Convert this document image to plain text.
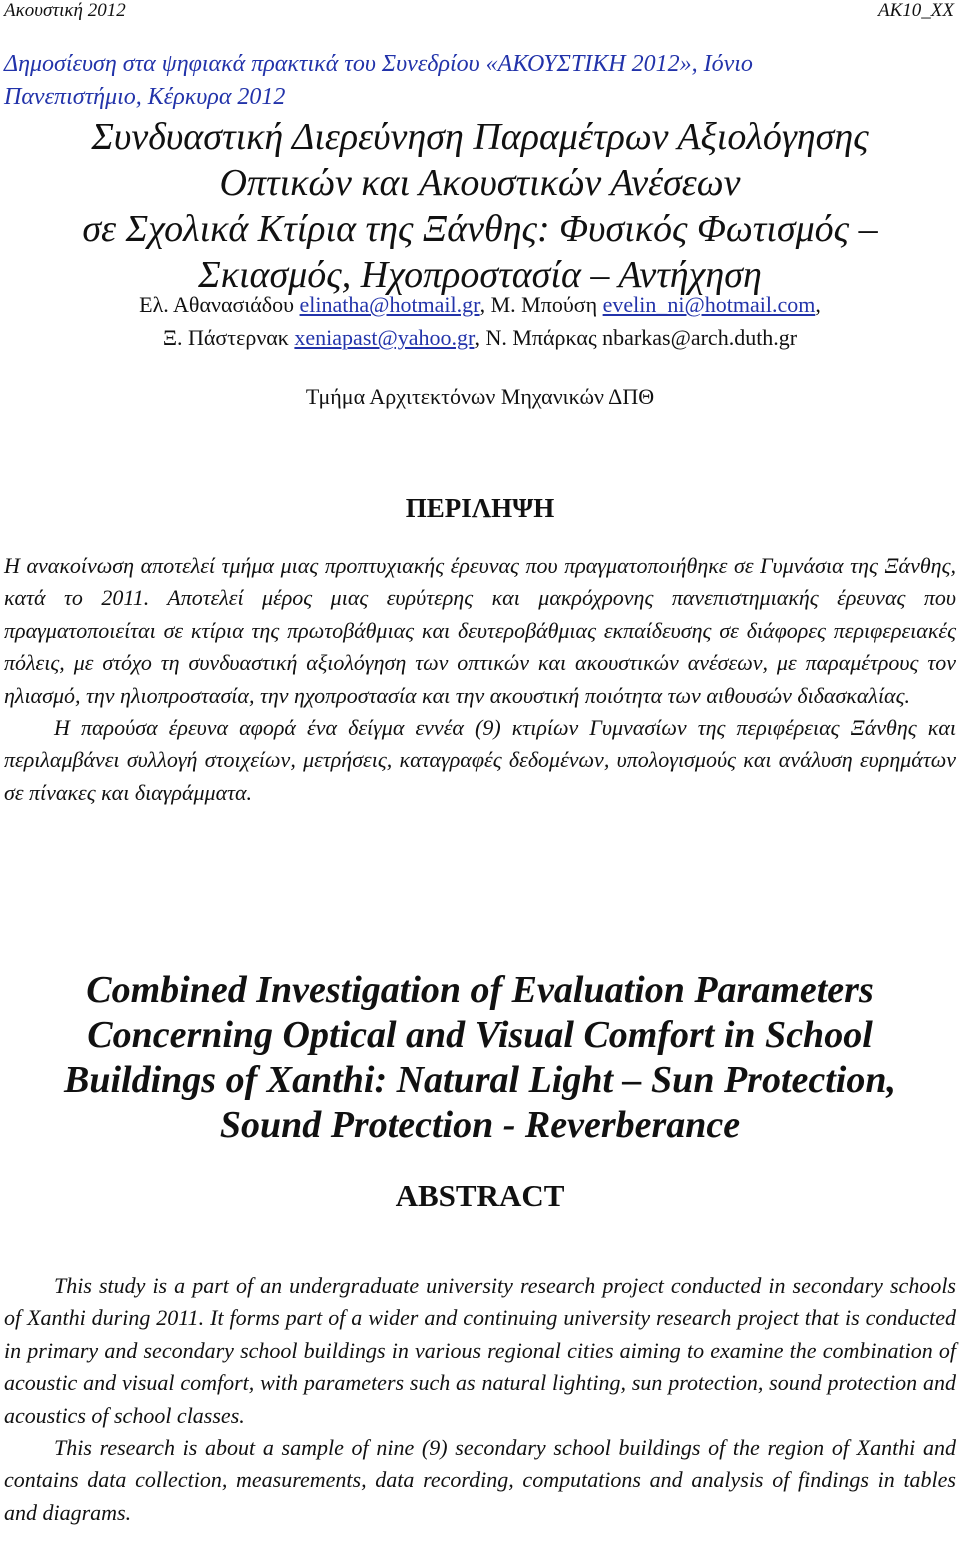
Ακουστική 2012	ΑΚ10_ΧΧ
Δημοσίευση στα ψηφιακά πρακτικά του Συνεδρίου «ΑΚΟΥΣΤΙΚΗ 2012», Ιόνιο
Πανεπιστήμιο, Κέρκυρα 2012
Συνδυαστική Διερεύνηση Παραμέτρων Αξιολόγησης
Οπτικών και Ακουστικών Ανέσεων
σε Σχολικά Κτίρια της Ξάνθης: Φυσικός Φωτισμός –
Σκιασμός, Ηχοπροστασία – Αντήχηση
Ελ. Αθανασιάδου elinatha@hotmail.gr, Μ. Μπούση evelin_ni@hotmail.com,
Ξ. Πάστερνακ xeniapast@yahoo.gr, Ν. Μπάρκας nbarkas@arch.duth.gr
Τμήμα Αρχιτεκτόνων Μηχανικών ΔΠΘ
ΠΕΡΙΛΗΨΗ

Η ανακοίνωση αποτελεί τμήμα μιας προπτυχιακής έρευνας που πραγματοποιήθηκε σε Γυμνάσια της Ξάνθης, κατά το 2011. Αποτελεί μέρος μιας ευρύτερης και μακρόχρονης πανεπιστημιακής έρευνας που πραγματοποιείται σε κτίρια της πρωτοβάθμιας και δευτεροβάθμιας εκπαίδευσης σε διάφορες περιφερειακές πόλεις, με στόχο τη συνδυαστική αξιολόγηση των οπτικών και ακουστικών ανέσεων, με παραμέτρους τον ηλιασμό, την ηλιοπροστασία, την ηχοπροστασία και την ακουστική ποιότητα των αιθουσών διδασκαλίας.

Η παρούσα έρευνα αφορά ένα δείγμα εννέα (9) κτιρίων Γυμνασίων της περιφέρειας Ξάνθης και περιλαμβάνει συλλογή στοιχείων, μετρήσεις, καταγραφές δεδομένων, υπολογισμούς και ανάλυση ευρημάτων σε πίνακες και διαγράμματα.

Combined Investigation of Evaluation Parameters
Concerning Optical and Visual Comfort in School
Buildings of Xanthi: Natural Light – Sun Protection,
Sound Protection - Reverberance
ABSTRACT

This study is a part of an undergraduate university research project conducted in secondary schools of Xanthi during 2011. It forms part of a wider and continuing university research project that is conducted in primary and secondary school buildings in various regional cities aiming to examine the combination of acoustic and visual comfort, with parameters such as natural lighting, sun protection, sound protection and acoustics of school classes.

This research is about a sample of nine (9) secondary school buildings of the region of Xanthi and contains data collection, measurements, data recording, computations and analysis of findings in tables and diagrams.
